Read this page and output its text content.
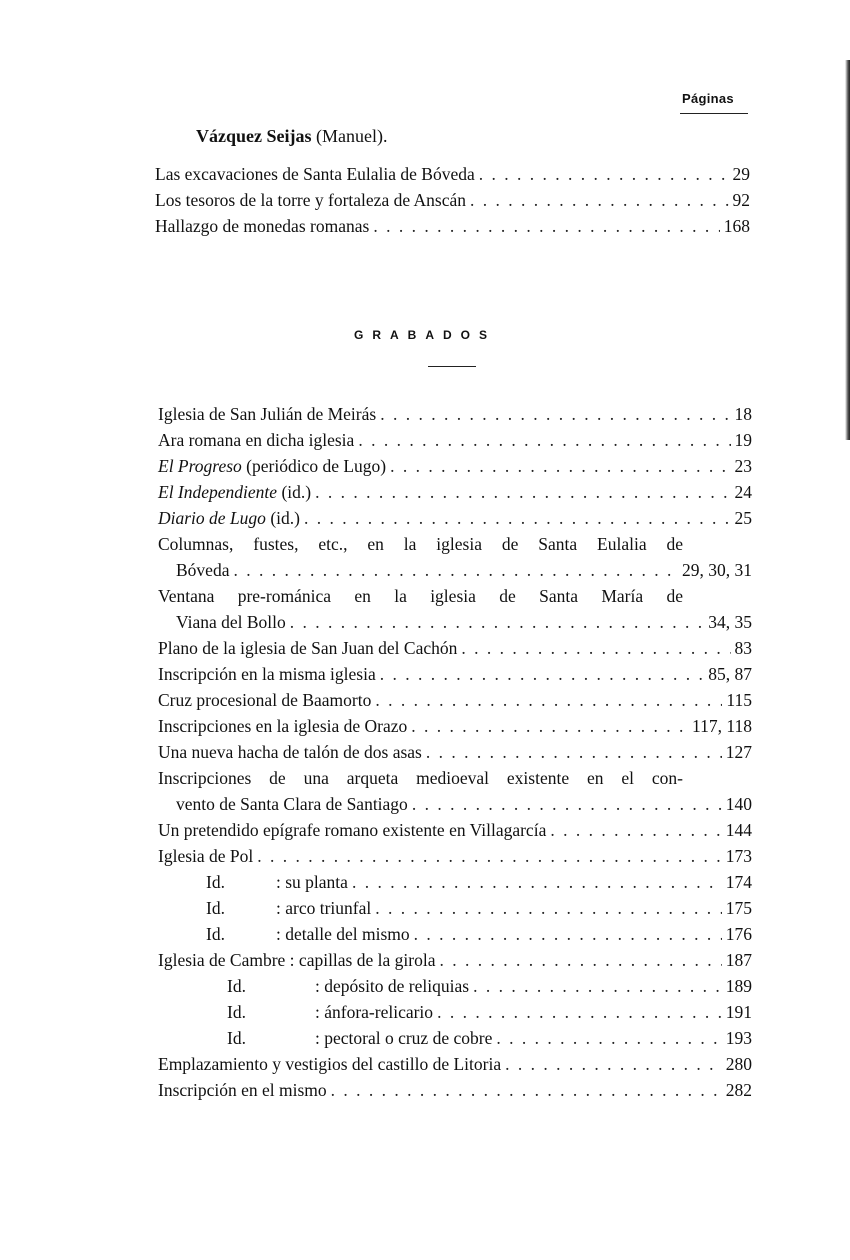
Páginas
Vázquez Seijas (Manuel).
Las excavaciones de Santa Eulalia de Bóveda . . .	29
Los tesoros de la torre y fortaleza de Anscán . . .	92
Hallazgo de monedas romanas . . .	168
GRABADOS
Iglesia de San Julián de Meirás . . .	18
Ara romana en dicha iglesia . . .	19
El Progreso (periódico de Lugo) . . .	23
El Independiente (id.) . . .	24
Diario de Lugo (id.) . . .	25
Columnas, fustes, etc., en la iglesia de Santa Eulalia de
Bóveda . . .	29, 30, 31
Ventana pre-románica en la iglesia de Santa María de
Viana del Bollo . . .	34, 35
Plano de la iglesia de San Juan del Cachón . . .	83
Inscripción en la misma iglesia . . .	85, 87
Cruz procesional de Baamorto . . .	115
Inscripciones en la iglesia de Orazo . . .	117, 118
Una nueva hacha de talón de dos asas . . .	127
Inscripciones de una arqueta medioeval existente en el con-
vento de Santa Clara de Santiago . . .	140
Un pretendido epígrafe romano existente en Villagarcía . . .	144
Iglesia de Pol . . .	173
Id.	: su planta . . .	174
Id.	: arco triunfal . . .	175
Id.	: detalle del mismo . . .	176
Iglesia de Cambre : capillas de la girola . . .	187
Id.	: depósito de reliquias . . .	189
Id.	: ánfora-relicario . . .	191
Id.	: pectoral o cruz de cobre . . .	193
Emplazamiento y vestigios del castillo de Litoria . . .	280
Inscripción en el mismo . . .	282
